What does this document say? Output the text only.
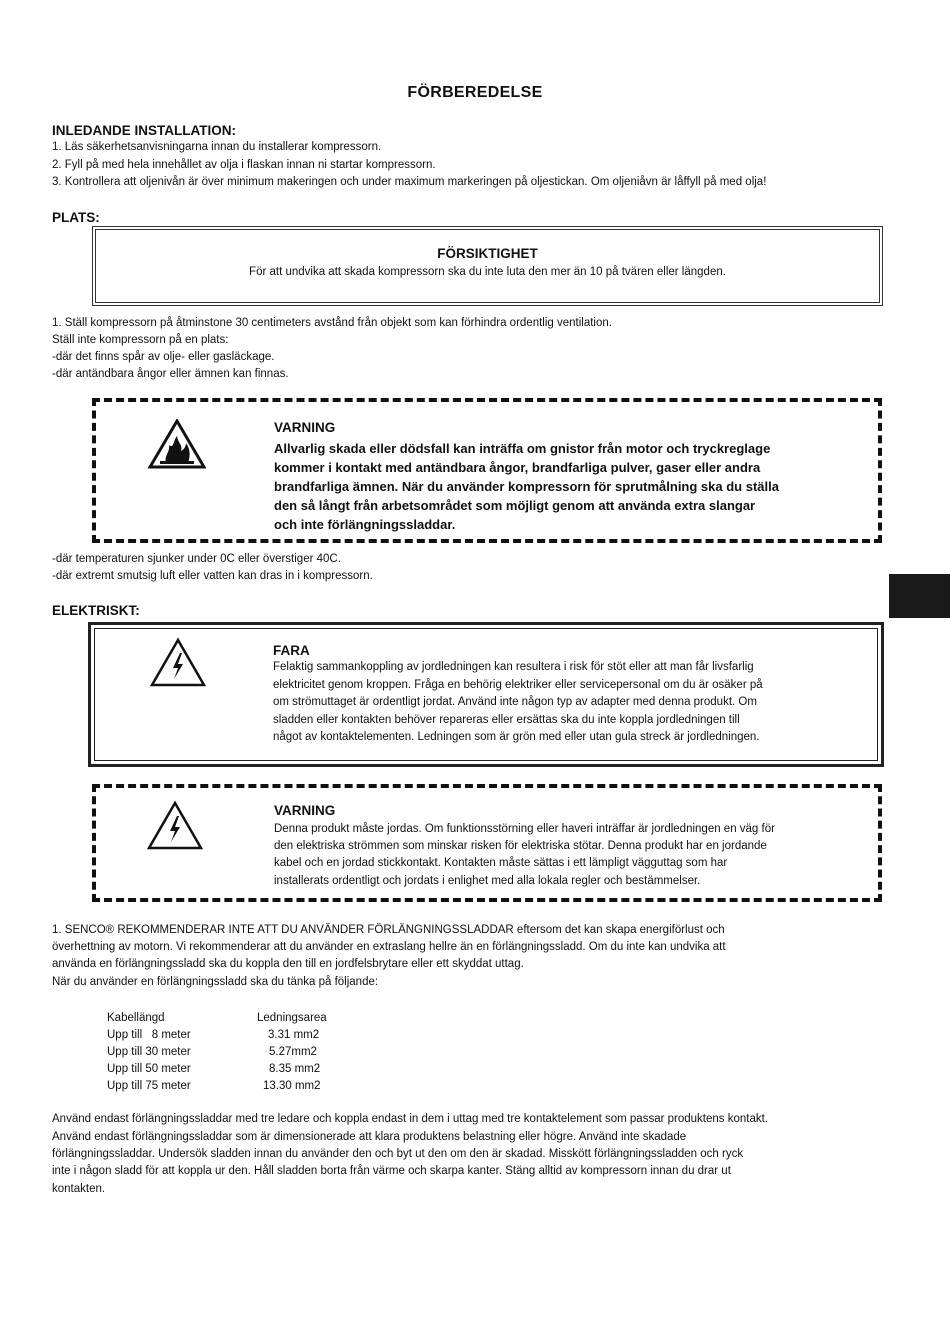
FÖRBEREDELSE
INLEDANDE INSTALLATION:
1. Läs säkerhetsanvisningarna innan du installerar kompressorn.
2. Fyll på med hela innehållet av olja i flaskan innan ni startar kompressorn.
3. Kontrollera att oljenivån är över minimum makeringen och under maximum markeringen på oljestickan. Om oljeniåvn är låffyll på med olja!
PLATS:
FÖRSIKTIGHET
För att undvika att skada kompressorn ska du inte luta den mer än 10 på tvären eller längden.
1. Ställ kompressorn på åtminstone 30 centimeters avstånd från objekt som kan förhindra ordentlig ventilation.
Ställ inte kompressorn på en plats:
-där det finns spår av olje- eller gasläckage.
-där antändbara ångor eller ämnen kan finnas.
VARNING
Allvarlig skada eller dödsfall kan inträffa om gnistor från motor och tryckreglage
kommer i kontakt med antändbara ångor, brandfarliga pulver, gaser eller andra
brandfarliga ämnen. När du använder kompressorn för sprutmålning ska du ställa
den så långt från arbetsområdet som möjligt genom att använda extra slangar
och inte förlängningssladdar.
-där temperaturen sjunker under 0C eller överstiger 40C.
-där extremt smutsig luft eller vatten kan dras in i kompressorn.
ELEKTRISKT:
FARA
Felaktig sammankoppling av jordledningen kan resultera i risk för stöt eller att man får livsfarlig
elektricitet genom kroppen. Fråga en behörig elektriker eller servicepersonal om du är osäker på
om strömuttaget är ordentligt jordat. Använd inte någon typ av adapter med denna produkt. Om
sladden eller kontakten behöver repareras eller ersättas ska du inte koppla jordledningen till
något av kontaktelementen. Ledningen som är grön med eller utan gula streck är jordledningen.
VARNING
Denna produkt måste jordas. Om funktionsstörning eller haveri inträffar är jordledningen en väg för
den elektriska strömmen som minskar risken för elektriska stötar. Denna produkt har en jordande
kabel och en jordad stickkontakt. Kontakten måste sättas i ett lämpligt vägguttag som har
installerats ordentligt och jordats i enlighet med alla lokala regler och bestämmelser.
1. SENCO® REKOMMENDERAR INTE ATT DU ANVÄNDER FÖRLÄNGNINGSSLADDAR eftersom det kan skapa energiförlust och
överhettning av motorn. Vi rekommenderar att du använder en extraslang hellre än en förlängningssladd. Om du inte kan undvika att
använda en förlängningssladd ska du koppla den till en jordfelsbrytare eller ett skyddat uttag.
När du använder en förlängningssladd ska du tänka på följande:
Kabellängd	Ledningsarea
Upp till   8 meter	3.31 mm2
Upp till 30 meter	5.27mm2
Upp till 50 meter	8.35 mm2
Upp till 75 meter	13.30 mm2
Använd endast förlängningssladdar med tre ledare och koppla endast in dem i uttag med tre kontaktelement som passar produktens kontakt.
Använd endast förlängningssladdar som är dimensionerade att klara produktens belastning eller högre. Använd inte skadade
förlängningssladdar. Undersök sladden innan du använder den och byt ut den om den är skadad. Misskött förlängningssladden och ryck
inte i någon sladd för att koppla ur den. Håll sladden borta från värme och skarpa kanter. Stäng alltid av kompressorn innan du drar ut
kontakten.
